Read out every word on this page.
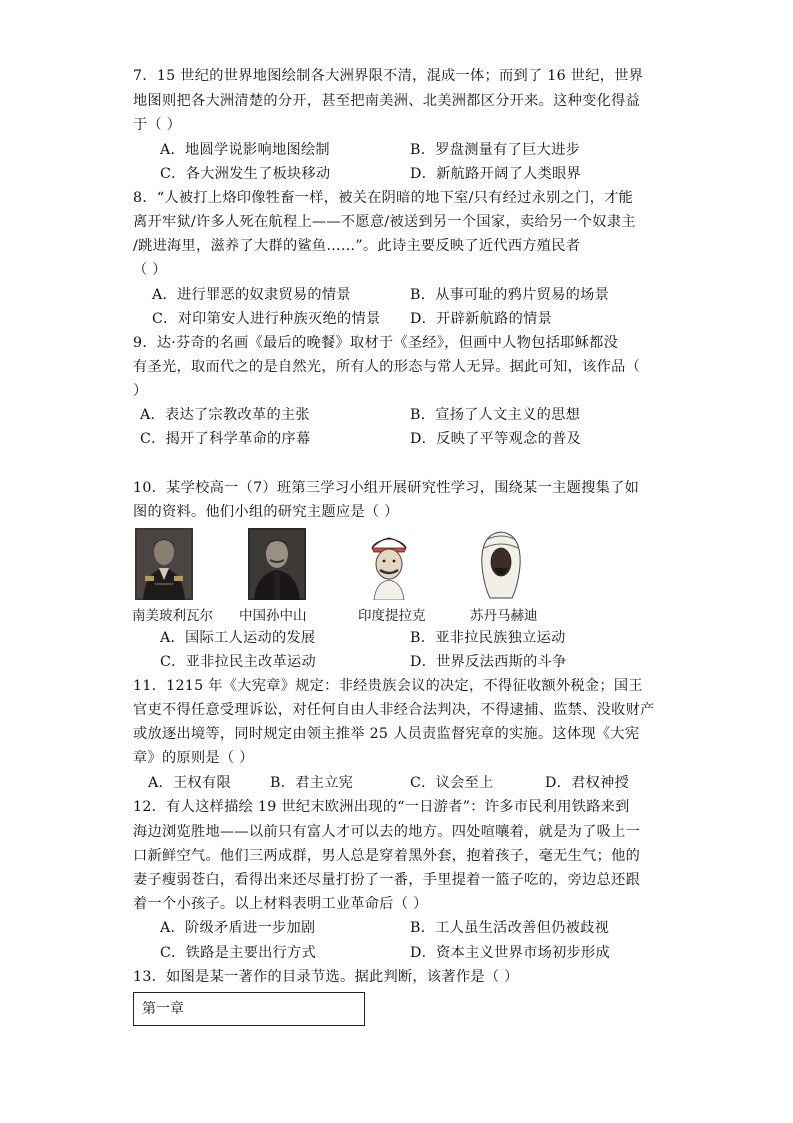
7．15 世纪的世界地图绘制各大洲界限不清，混成一体；而到了 16 世纪，世界
地图则把各大洲清楚的分开，甚至把南美洲、北美洲都区分开来。这种变化得益
于（ ）
A．地圆学说影响地图绘制	B．罗盘测量有了巨大进步
C．各大洲发生了板块移动	D．新航路开阔了人类眼界
8．“人被打上烙印像牲畜一样，被关在阴暗的地下室/只有经过永别之门，才能
离开牢狱/许多人死在航程上——不愿意/被送到另一个国家，卖给另一个奴隶主
/跳进海里，滋养了大群的鲨鱼……”。此诗主要反映了近代西方殖民者
（ ）
A．进行罪恶的奴隶贸易的情景	B．从事可耻的鸦片贸易的场景
C．对印第安人进行种族灭绝的情景 D．开辟新航路的情景
9．达·芬奇的名画《最后的晚餐》取材于《圣经》，但画中人物包括耶稣都没
有圣光，取而代之的是自然光，所有人的形态与常人无异。据此可知，该作品（
）
A．表达了宗教改革的主张	B．宣扬了人文主义的思想
C．揭开了科学革命的序幕	D．反映了平等观念的普及
10．某学校高一（7）班第三学习小组开展研究性学习，围绕某一主题搜集了如
图的资料。他们小组的研究主题应是（ ）
南美玻利瓦尔 中国孙中山	印度提拉克	苏丹马赫迪
A．国际工人运动的发展	B．亚非拉民族独立运动
C．亚非拉民主改革运动	D．世界反法西斯的斗争
11．1215 年《大宪章》规定：非经贵族会议的决定，不得征收额外税金；国王
官吏不得任意受理诉讼，对任何自由人非经合法判决，不得逮捕、监禁、没收财产
或放逐出境等，同时规定由领主推举 25 人员责监督宪章的实施。这体现《大宪
章》的原则是（ ）
A．王权有限	B．君主立宪	C．议会至上	D．君权神授
12．有人这样描绘 19 世纪末欧洲出现的“一日游者”：许多市民利用铁路来到
海边浏览胜地——以前只有富人才可以去的地方。四处喧嚷着，就是为了吸上一
口新鲜空气。他们三两成群，男人总是穿着黑外套，抱着孩子，毫无生气；他的
妻子瘦弱苍白，看得出来还尽量打扮了一番，手里提着一篮子吃的，旁边总还跟
着一个小孩子。以上材料表明工业革命后（ ）
A．阶级矛盾进一步加剧	B．工人虽生活改善但仍被歧视
C．铁路是主要出行方式	D．资本主义世界市场初步形成
13．如图是某一著作的目录节选。据此判断，该著作是（ ）
第一章
